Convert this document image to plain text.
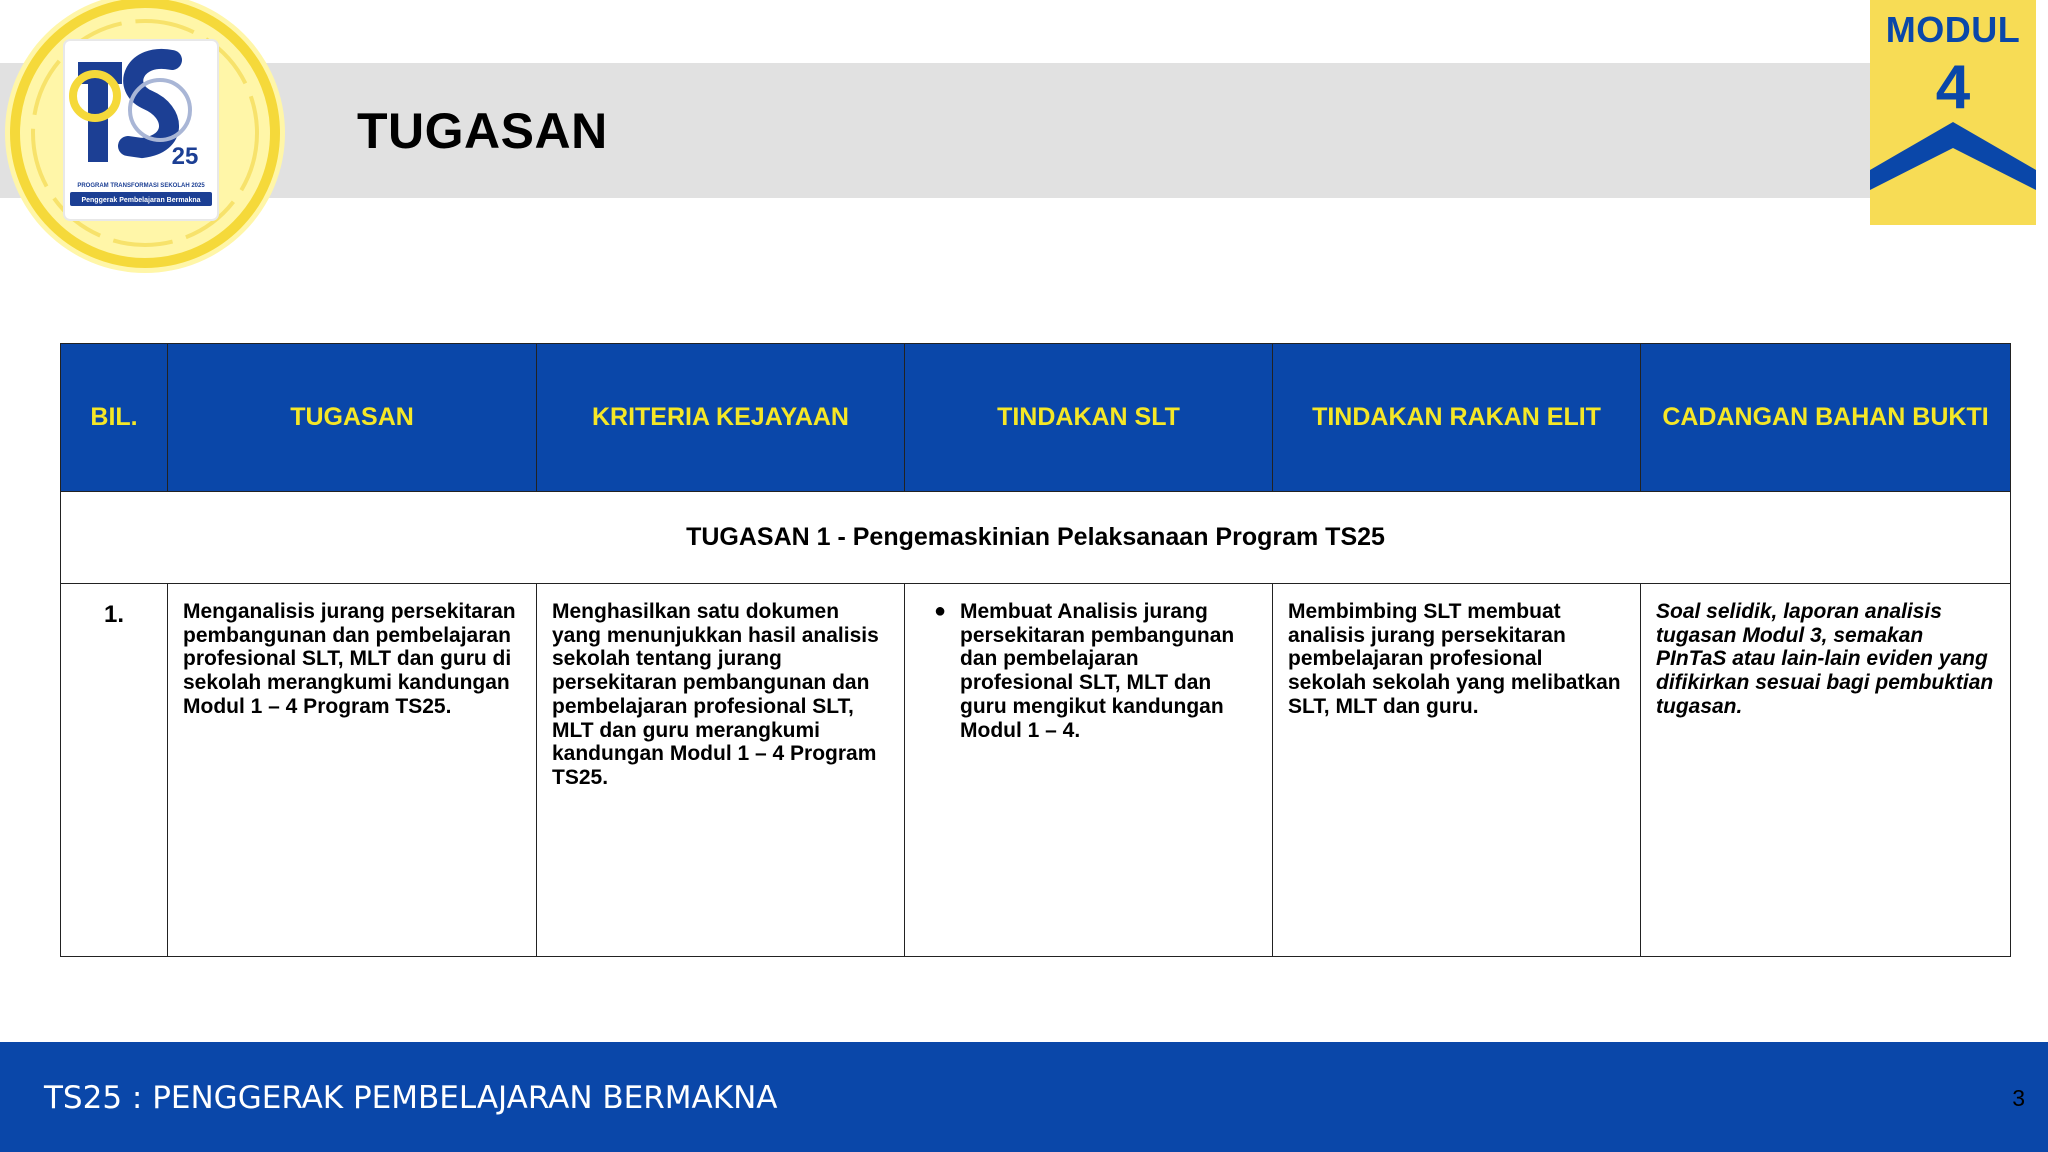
25
PROGRAM TRANSFORMASI SEKOLAH 2025
Penggerak Pembelajaran Bermakna
TUGASAN
MODUL
4
BIL.	TUGASAN	KRITERIA KEJAYAAN	TINDAKAN SLT	TINDAKAN RAKAN ELIT	CADANGAN BAHAN BUKTI
TUGASAN 1 - Pengemaskinian Pelaksanaan Program TS25					
1.	Menganalisis jurang persekitaran pembangunan dan pembelajaran profesional SLT, MLT dan guru di sekolah merangkumi kandungan Modul 1 – 4 Program TS25.	Menghasilkan satu dokumen yang menunjukkan hasil analisis sekolah tentang jurang persekitaran pembangunan dan pembelajaran profesional SLT, MLT dan guru merangkumi kandungan Modul 1 – 4 Program TS25.	● Membuat Analisis jurang persekitaran pembangunan dan pembelajaran profesional SLT, MLT dan guru mengikut kandungan Modul 1 – 4.	Membimbing SLT membuat analisis jurang persekitaran pembelajaran profesional sekolah sekolah yang melibatkan SLT, MLT dan guru.	Soal selidik, laporan analisis tugasan Modul 3, semakan PInTaS atau lain-lain eviden yang difikirkan sesuai bagi pembuktian tugasan.
TS25 : PENGGERAK PEMBELAJARAN BERMAKNA	3
